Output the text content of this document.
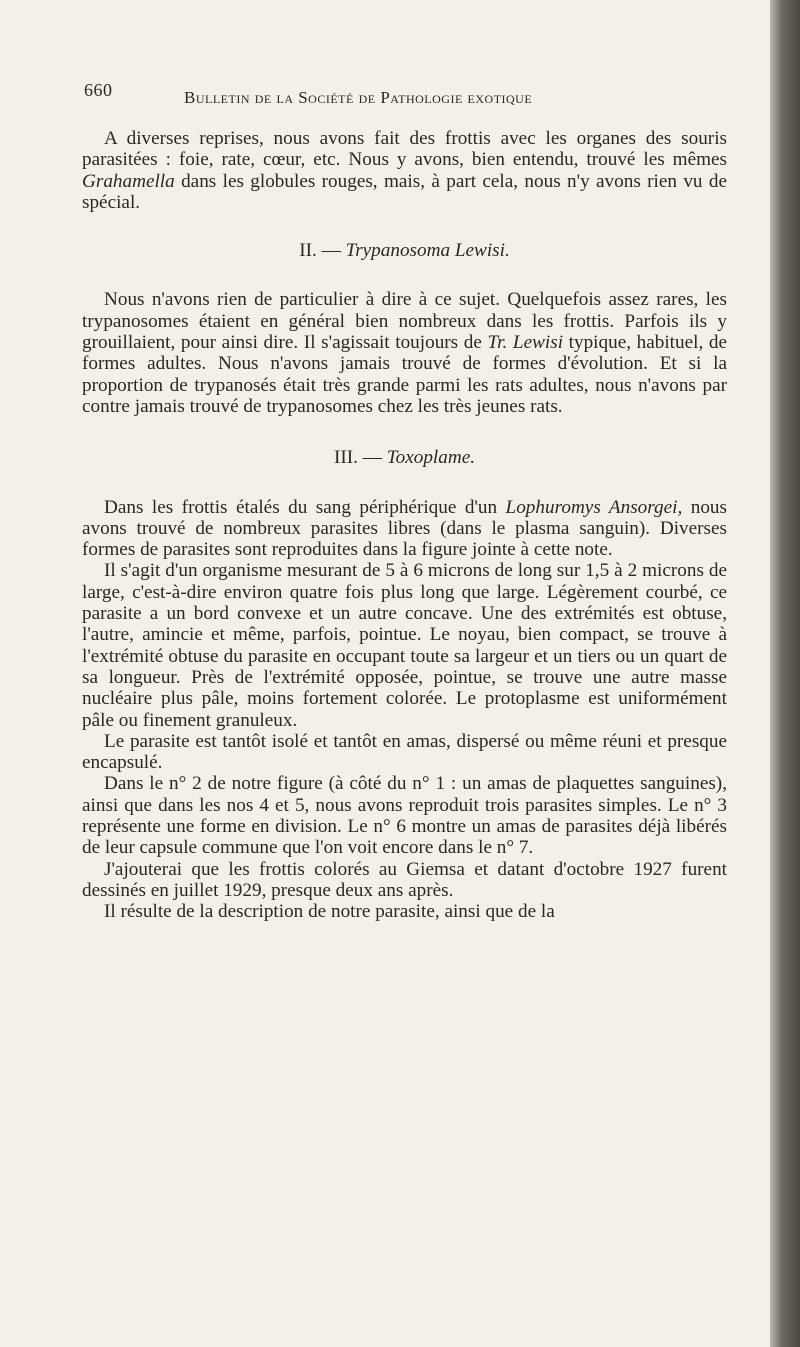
660	Bulletin de la Société de Pathologie exotique

A diverses reprises, nous avons fait des frottis avec les organes des souris parasitées : foie, rate, cœur, etc. Nous y avons, bien entendu, trouvé les mêmes Grahamella dans les globules rouges, mais, à part cela, nous n'y avons rien vu de spécial.

II. — Trypanosoma Lewisi.

Nous n'avons rien de particulier à dire à ce sujet. Quelquefois assez rares, les trypanosomes étaient en général bien nombreux dans les frottis. Parfois ils y grouillaient, pour ainsi dire. Il s'agissait toujours de Tr. Lewisi typique, habituel, de formes adultes. Nous n'avons jamais trouvé de formes d'évolution. Et si la proportion de trypanosés était très grande parmi les rats adultes, nous n'avons par contre jamais trouvé de trypanosomes chez les très jeunes rats.

III. — Toxoplame.

Dans les frottis étalés du sang périphérique d'un Lophuromys Ansorgei, nous avons trouvé de nombreux parasites libres (dans le plasma sanguin). Diverses formes de parasites sont reproduites dans la figure jointe à cette note.

Il s'agit d'un organisme mesurant de 5 à 6 microns de long sur 1,5 à 2 microns de large, c'est-à-dire environ quatre fois plus long que large. Légèrement courbé, ce parasite a un bord convexe et un autre concave. Une des extrémités est obtuse, l'autre, amincie et même, parfois, pointue. Le noyau, bien compact, se trouve à l'extrémité obtuse du parasite en occupant toute sa largeur et un tiers ou un quart de sa longueur. Près de l'extrémité opposée, pointue, se trouve une autre masse nucléaire plus pâle, moins fortement colorée. Le protoplasme est uniformément pâle ou finement granuleux.

Le parasite est tantôt isolé et tantôt en amas, dispersé ou même réuni et presque encapsulé.

Dans le n° 2 de notre figure (à côté du n° 1 : un amas de plaquettes sanguines), ainsi que dans les nos 4 et 5, nous avons reproduit trois parasites simples. Le n° 3 représente une forme en division. Le n° 6 montre un amas de parasites déjà libérés de leur capsule commune que l'on voit encore dans le n° 7.

J'ajouterai que les frottis colorés au Giemsa et datant d'octobre 1927 furent dessinés en juillet 1929, presque deux ans après.

Il résulte de la description de notre parasite, ainsi que de la
